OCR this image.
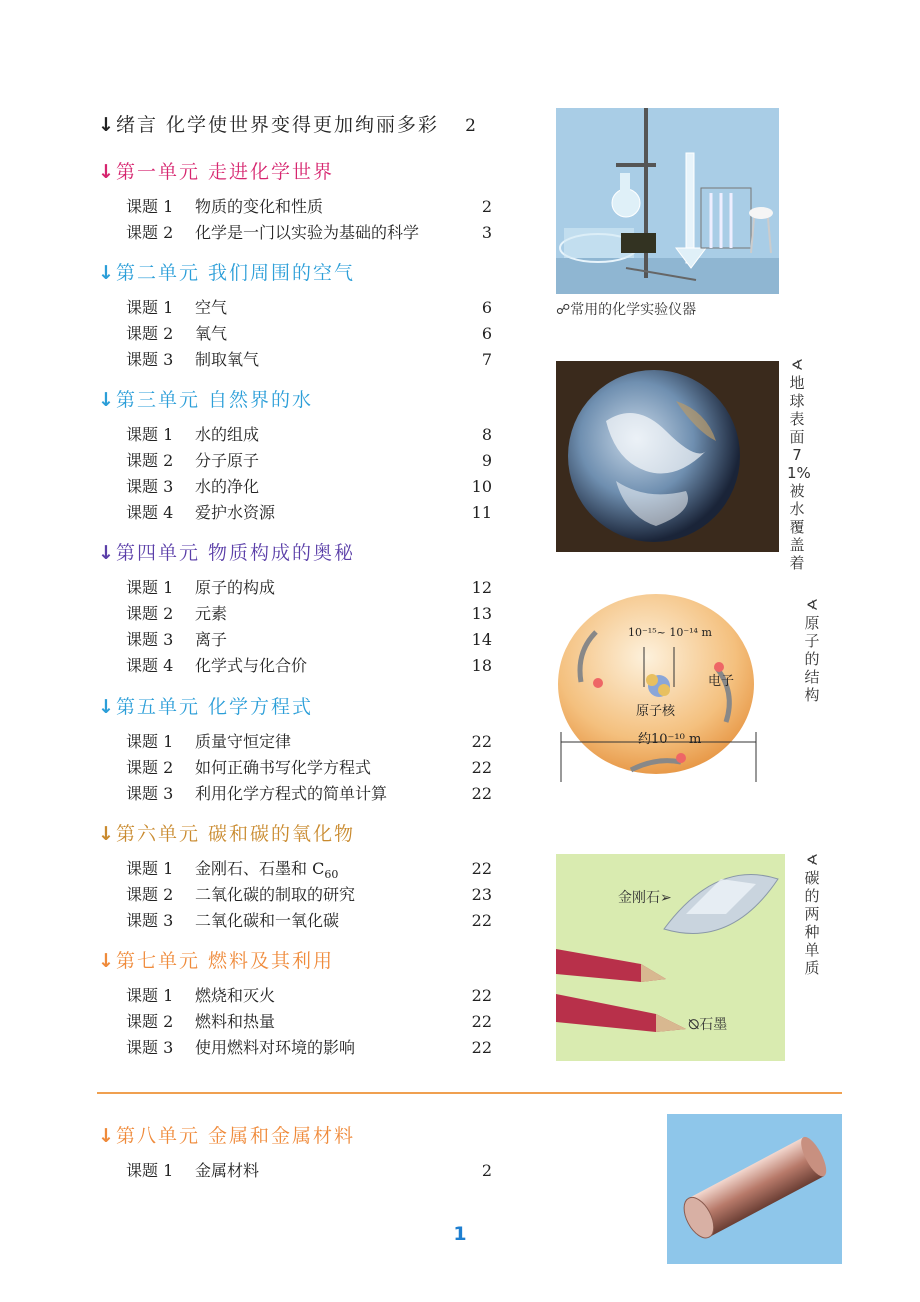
↓ 绪言 化学使世界变得更加绚丽多彩 2
↓ 第一单元 走进化学世界
课题 1 物质的变化和性质	2
课题 2 化学是一门以实验为基础的科学	3
↓ 第二单元 我们周围的空气
课题 1 空气	6
课题 2 氧气	6
课题 3 制取氧气	7
↓ 第三单元 自然界的水
课题 1 水的组成	8
课题 2 分子原子	9
课题 3 水的净化	10
课题 4 爱护水资源	11
↓ 第四单元 物质构成的奥秘
课题 1 原子的构成	12
课题 2 元素	13
课题 3 离子	14
课题 4 化学式与化合价	18
↓ 第五单元 化学方程式
课题 1 质量守恒定律	22
课题 2 如何正确书写化学方程式	22
课题 3 利用化学方程式的简单计算	22
↓ 第六单元 碳和碳的氧化物
课题 1 金刚石、石墨和 $C_{60}$	22
课题 2 二氧化碳的制取的研究	23
课题 3 二氧化碳和一氧化碳	22
↓ 第七单元 燃料及其利用
课题 1 燃烧和灭火	22
课题 2 燃料和热量	22
课题 3 使用燃料对环境的影响	22
↓ 第八单元 金属和金属材料
课题 1 金属材料	2
☍常用的化学实验仪器
∢
地球表面71%被水覆盖着
10⁻¹⁵~ 10⁻¹⁴ m
电子
原子核
约10⁻¹⁰ m
∢
原子的结构
金刚石➢
⦰石墨
∢
碳的两种单质
1
